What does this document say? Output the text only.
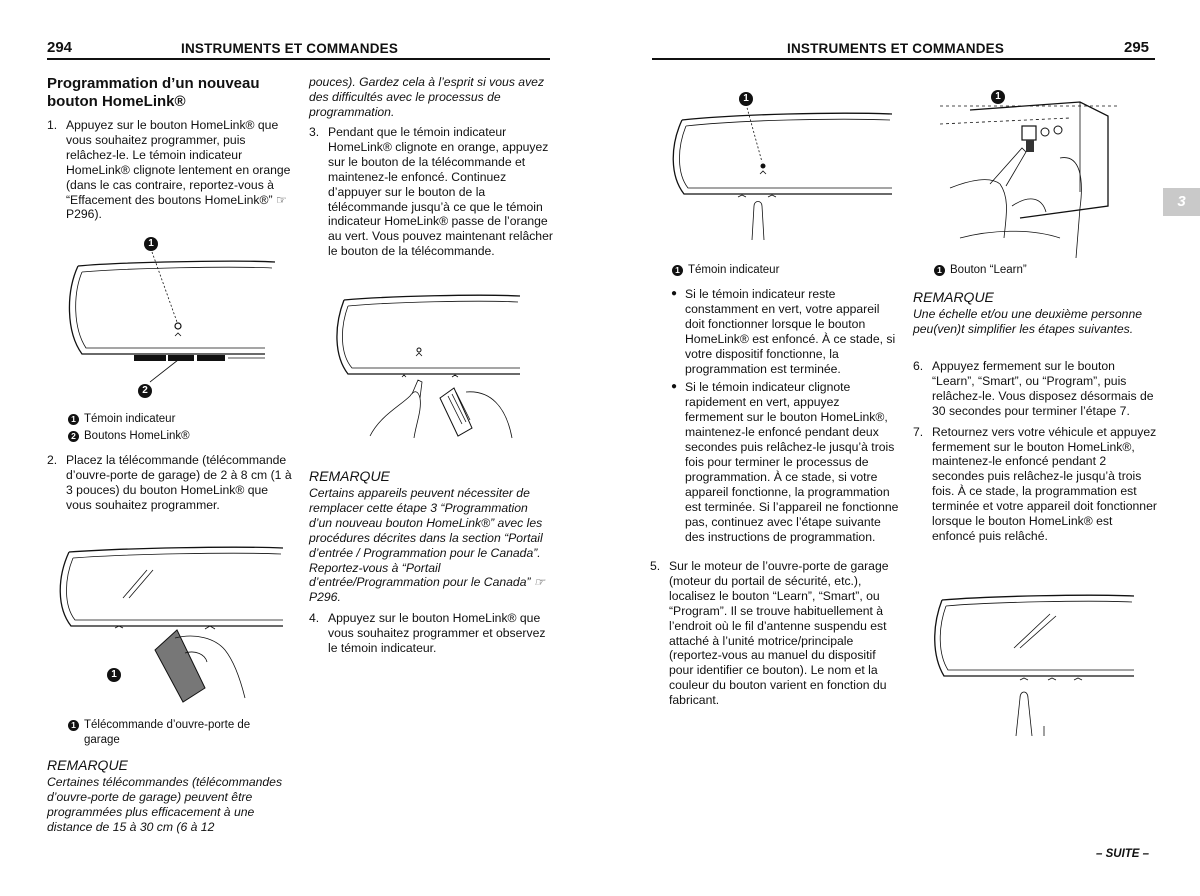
294	INSTRUMENTS ET COMMANDES
Programmation d’un nouveau
bouton HomeLink®
1. Appuyez sur le bouton HomeLink® que vous souhaitez programmer, puis relâchez-le. Le témoin indicateur HomeLink® clignote lentement en orange (dans le cas contraire, reportez-vous à “Effacement des boutons HomeLink®” ☞P296).
1
2
1 Témoin indicateur
2 Boutons HomeLink®
2. Placez la télécommande (télécommande d’ouvre-porte de garage) de 2 à 8 cm (1 à 3 pouces) du bouton HomeLink® que vous souhaitez programmer.
1
1 Télécommande d’ouvre-porte de garage
REMARQUE
Certaines télécommandes (télécommandes d’ouvre-porte de garage) peuvent être programmées plus efficacement à une distance de 15 à 30 cm (6 à 12
pouces). Gardez cela à l’esprit si vous avez des difficultés avec le processus de programmation.
3. Pendant que le témoin indicateur HomeLink® clignote en orange, appuyez sur le bouton de la télécommande et maintenez-le enfoncé. Continuez d’appuyer sur le bouton de la télécommande jusqu’à ce que le témoin indicateur HomeLink® passe de l’orange au vert. Vous pouvez maintenant relâcher le bouton de la télécommande.
REMARQUE
Certains appareils peuvent nécessiter de remplacer cette étape 3 “Programmation d’un nouveau bouton HomeLink®” avec les procédures décrites dans la section “Portail d’entrée / Programmation pour le Canada”. Reportez-vous à “Portail d’entrée/Programmation pour le Canada” ☞P296.
4. Appuyez sur le bouton HomeLink® que vous souhaitez programmer et observez le témoin indicateur.
INSTRUMENTS ET COMMANDES	295
3
1
1 Témoin indicateur
1
1 Bouton “Learn”
● Si le témoin indicateur reste constamment en vert, votre appareil doit fonctionner lorsque le bouton HomeLink® est enfoncé. À ce stade, si votre dispositif fonctionne, la programmation est terminée.
● Si le témoin indicateur clignote rapidement en vert, appuyez fermement sur le bouton HomeLink®, maintenez-le enfoncé pendant deux secondes puis relâchez-le jusqu’à trois fois pour terminer le processus de programmation. À ce stade, si votre appareil fonctionne, la programmation est terminée. Si l’appareil ne fonctionne pas, continuez avec l’étape suivante des instructions de programmation.
5. Sur le moteur de l’ouvre-porte de garage (moteur du portail de sécurité, etc.), localisez le bouton “Learn”, “Smart”, ou “Program”. Il se trouve habituellement à l’endroit où le fil d’antenne suspendu est attaché à l’unité motrice/principale (reportez-vous au manuel du dispositif pour identifier ce bouton). Le nom et la couleur du bouton varient en fonction du fabricant.
REMARQUE
Une échelle et/ou une deuxième personne peu(ven)t simplifier les étapes suivantes.
6. Appuyez fermement sur le bouton “Learn”, “Smart”, ou “Program”, puis relâchez-le. Vous disposez désormais de 30 secondes pour terminer l’étape 7.
7. Retournez vers votre véhicule et appuyez fermement sur le bouton HomeLink®, maintenez-le enfoncé pendant 2 secondes puis relâchez-le jusqu’à trois fois. À ce stade, la programmation est terminée et votre appareil doit fonctionner lorsque le bouton HomeLink® est enfoncé puis relâché.
– SUITE –
